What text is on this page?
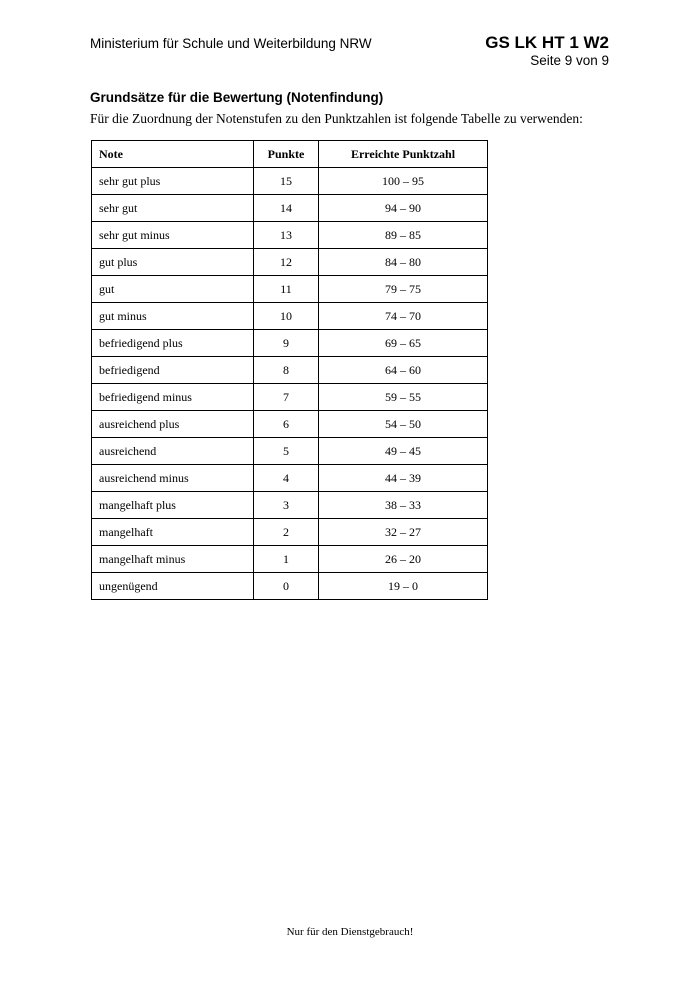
Ministerium für Schule und Weiterbildung NRW	GS LK HT 1 W2
Seite 9 von 9
Grundsätze für die Bewertung (Notenfindung)
Für die Zuordnung der Notenstufen zu den Punktzahlen ist folgende Tabelle zu verwenden:
Note	Punkte	Erreichte Punktzahl
sehr gut plus	15	100 – 95
sehr gut	14	94 – 90
sehr gut minus	13	89 – 85
gut plus	12	84 – 80
gut	11	79 – 75
gut minus	10	74 – 70
befriedigend plus	9	69 – 65
befriedigend	8	64 – 60
befriedigend minus	7	59 – 55
ausreichend plus	6	54 – 50
ausreichend	5	49 – 45
ausreichend minus	4	44 – 39
mangelhaft plus	3	38 – 33
mangelhaft	2	32 – 27
mangelhaft minus	1	26 – 20
ungenügend	0	19 – 0
Nur für den Dienstgebrauch!
